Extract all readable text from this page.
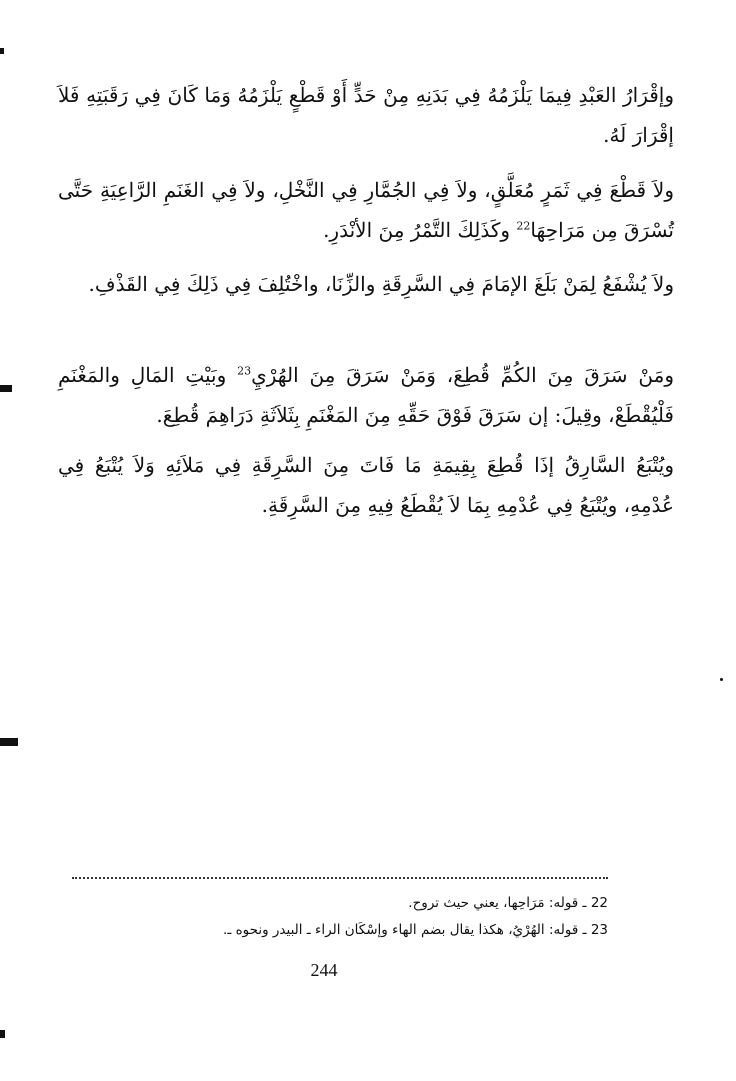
وإقْرَارُ العَبْدِ فِيمَا يَلْزَمُهُ فِي بَدَنِهِ مِنْ حَدٍّ أَوْ قَطْعٍ يَلْزَمُهُ وَمَا كَانَ فِي رَقَبَتِهِ فَلاَ إقْرَارَ لَهُ.

ولاَ قَطْعَ فِي ثَمَرٍ مُعَلَّقٍ، ولاَ فِي الجُمَّارِ فِي النَّخْلِ، ولاَ فِي الغَنَمِ الرَّاعِيَةِ حَتَّى تُسْرَقَ مِن مَرَاحِهَا$^{22}$ وكَذَلِكَ التَّمْرُ مِنَ الأنْدَرِ.

ولاَ يُشْفَعُ لِمَنْ بَلَغَ الإمَامَ فِي السَّرِقَةِ والزِّنَا، واخْتُلِفَ فِي ذَلِكَ فِي القَذْفِ.

ومَنْ سَرَقَ مِنَ الكُمِّ قُطِعَ، وَمَنْ سَرَقَ مِنَ الهُرْيِ$^{23}$ وبَيْتِ المَالِ والمَغْنَمِ فَلْيُقْطَعْ، وقِيلَ: إن سَرَقَ فَوْقَ حَقِّهِ مِنَ المَغْنَمِ بِثَلاَثَةِ دَرَاهِمَ قُطِعَ.

ويُتْبَعُ السَّارِقُ إذَا قُطِعَ بِقِيمَةِ مَا فَاتَ مِنَ السَّرِقَةِ فِي مَلاَئِهِ وَلاَ يُتْبَعُ فِي عُدْمِهِ، ويُتْبَعُ فِي عُدْمِهِ بِمَا لاَ يُقْطَعُ فِيهِ مِنَ السَّرِقَةِ.

22 ـ قوله: مَرَاحِها، يعني حيث تروح.
23 ـ قوله: الهُرْيُ، هكذا يقال بضم الهاء وإسْكَان الراء ـ البيدر ونحوه ـ.
244
